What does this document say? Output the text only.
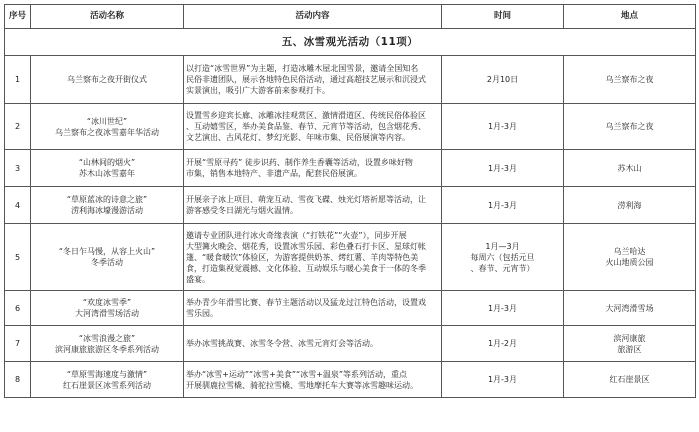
序号	活动名称	活动内容	时间	地点
五、冰雪观光活动（11项）				

1	乌兰察布之夜开街仪式	以打造“冰雪世界”为主题，打造冰雕木屋北国雪景，邀请全国知名
民俗非遗团队，展示各地特色民俗活动，通过高超技艺展示和沉浸式
实景演出，吸引广大游客前来参观打卡。	2月10日	乌兰察布之夜

2	“冰川世纪”
乌兰察布之夜冰雪嘉年华活动	设置雪乡迎宾长廊、冰雕冰挂观赏区、激情滑道区、传统民俗体验区
、互动嬉雪区，举办美食品鉴、春节、元宵节等活动，包含烟花秀、
文艺演出、古风花灯、梦幻光影、年味市集、民俗展演等内容。	1月-3月	乌兰察布之夜

3	“山林间的烟火”
苏木山冰雪嘉年	开展“雪原寻药” 徒步识药、制作养生香囊等活动，设置乡味好物
市集，销售本地特产、非遗产品，配套民俗展演。	1月-3月	苏木山

4	“草原蓝冰的诗意之旅”
涝利海冰壕漫游活动	开展亲子冰上项目、萌宠互动、雪夜飞碟、烛光灯塔祈愿等活动，让
游客感受冬日湖光与烟火温情。	1月-3月	涝利海

5	“冬日乍马慢，从容上火山”
冬季活动	邀请专业团队进行冰火奇缘表演（“打铁花”“火壶”），同步开展
大型篝火晚会、烟花秀，设置冰雪乐园、彩色叠石打卡区、星球灯帐
篷、“暖食暖饮”体验区，为游客提供奶茶、烤红薯、羊肉等特色美
食，打造集视觉震撼、文化体验、互动娱乐与暖心美食于一体的冬季
盛宴。	1月—3月
每周六（包括元旦
、春节、元宵节）	乌兰哈达
火山地质公园

6	“欢度冰雪季”
大河湾滑雪场活动	举办青少年滑雪比赛、春节主题活动以及猛龙过江特色活动，设置戏
雪乐园。	1月-3月	大河湾滑雪场

7	“冰雪浪漫之旅”
滨河康旅旅游区冬季系列活动	举办冰雪挑战赛、冰雪冬令营、冰雪元宵灯会等活动。	1月-2月	滨河康旅
旅游区

8	“草原雪海速度与激情”
红石崖景区冰雪系列活动	举办“冰雪+运动”“冰雪+美食”“冰雪+温泉”等系列活动，重点
开展驯鹿拉雪橇、骑驼拉雪橇、雪地摩托车大赛等冰雪趣味运动。	1月-3月	红石崖景区
